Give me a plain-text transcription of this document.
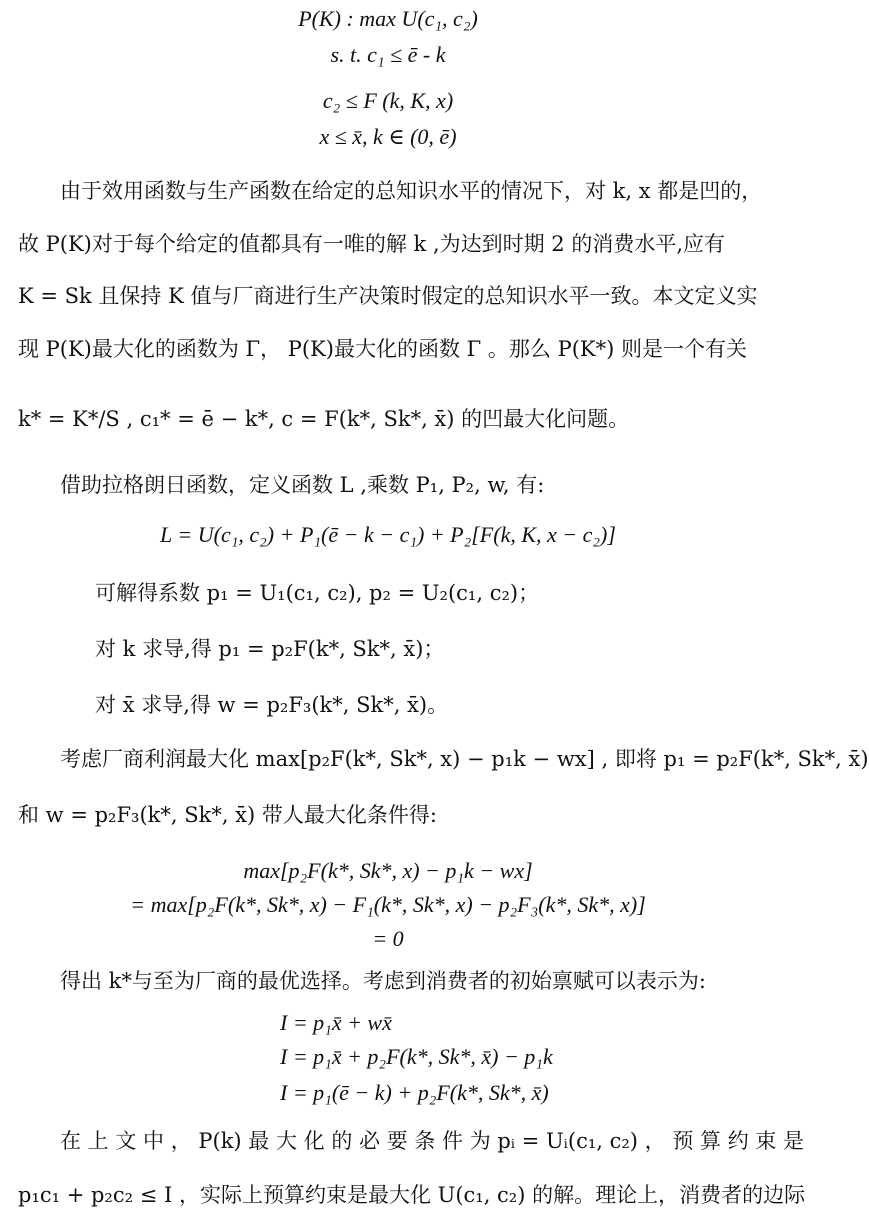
P(K) : max U(c₁, c₂)
s. t. c₁ ≤ ē - k
c₂ ≤ F (k, K, x)
x ≤ x̄, k ∈ (0, ē)
由于效用函数与生产函数在给定的总知识水平的情况下，对 k, x 都是凹的，
故 P(K)对于每个给定的值都具有一唯的解 k ,为达到时期 2 的消费水平,应有
K = Sk 且保持 K 值与厂商进行生产决策时假定的总知识水平一致。本文定义实
现 P(K)最大化的函数为 Γ， P(K)最大化的函数 Γ 。那么 P(K*) 则是一个有关
k* = K*/S , c₁* = ē − k*, c = F(k*, Sk*, x̄) 的凹最大化问题。
借助拉格朗日函数，定义函数 L ,乘数 P₁, P₂, w, 有:
L = U(c₁, c₂) + P₁(ē − k − c₁) + P₂[F(k, K, x − c₂)]
可解得系数 p₁ = U₁(c₁, c₂), p₂ = U₂(c₁, c₂)；
对 k 求导,得 p₁ = p₂F(k*, Sk*, x̄)；
对 x̄ 求导,得 w = p₂F₃(k*, Sk*, x̄)。
考虑厂商利润最大化 max[p₂F(k*, Sk*, x) − p₁k − wx] , 即将 p₁ = p₂F(k*, Sk*, x̄)
和 w = p₂F₃(k*, Sk*, x̄) 带人最大化条件得:
max[p₂F(k*, Sk*, x) − p₁k − wx]
= max[p₂F(k*, Sk*, x) − F₁(k*, Sk*, x) − p₂F₃(k*, Sk*, x)]
= 0
得出 k*与至为厂商的最优选择。考虑到消费者的初始禀赋可以表示为:
I = p₁x̄ + wx̄
I = p₁x̄ + p₂F(k*, Sk*, x̄) − p₁k
I = p₁(ē − k) + p₂F(k*, Sk*, x̄)
在 上 文 中 ， P(k) 最 大 化 的 必 要 条 件 为 pᵢ = Uᵢ(c₁, c₂) ， 预 算 约 束 是
p₁c₁ + p₂c₂ ≤ I ，实际上预算约束是最大化 U(c₁, c₂) 的解。理论上，消费者的边际
